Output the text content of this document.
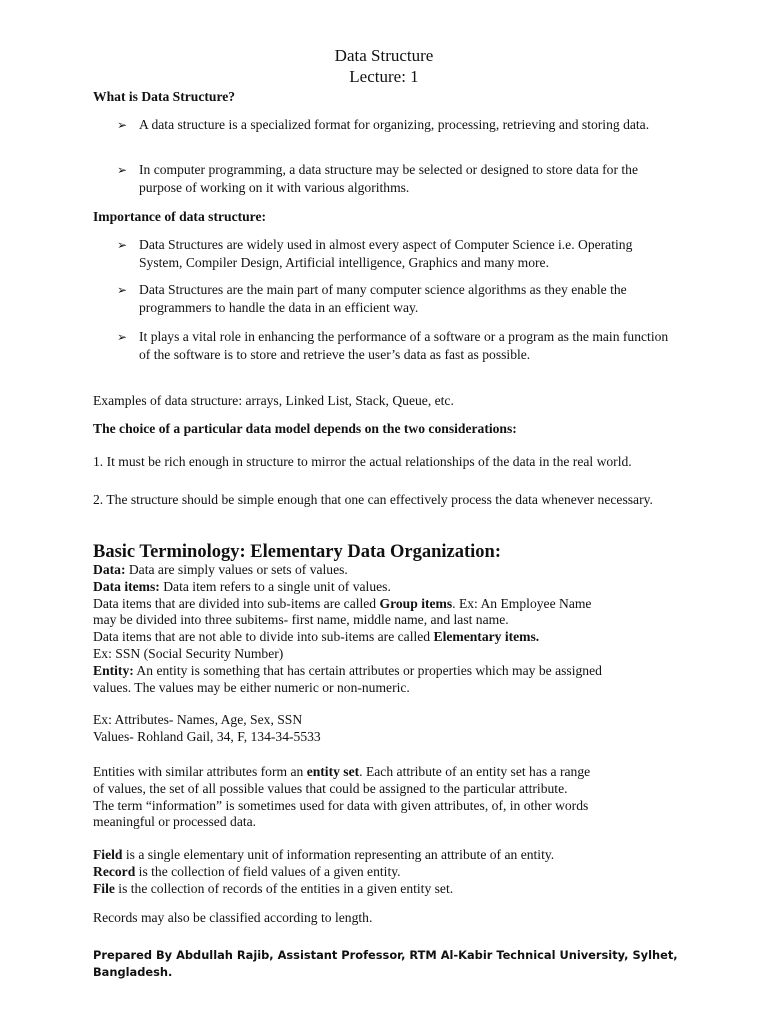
Data Structure
Lecture: 1
What is Data Structure?
➢ A data structure is a specialized format for organizing, processing, retrieving and storing data.
➢ In computer programming, a data structure may be selected or designed to store data for the purpose of working on it with various algorithms.
Importance of data structure:
➢ Data Structures are widely used in almost every aspect of Computer Science i.e. Operating System, Compiler Design, Artificial intelligence, Graphics and many more.
➢ Data Structures are the main part of many computer science algorithms as they enable the programmers to handle the data in an efficient way.
➢ It plays a vital role in enhancing the performance of a software or a program as the main function of the software is to store and retrieve the user’s data as fast as possible.
Examples of data structure: arrays, Linked List, Stack, Queue, etc.
The choice of a particular data model depends on the two considerations:
1. It must be rich enough in structure to mirror the actual relationships of the data in the real world.
2. The structure should be simple enough that one can effectively process the data whenever necessary.
Basic Terminology: Elementary Data Organization:
Data: Data are simply values or sets of values.
Data items: Data item refers to a single unit of values.
Data items that are divided into sub-items are called Group items. Ex: An Employee Name
may be divided into three subitems- first name, middle name, and last name.
Data items that are not able to divide into sub-items are called Elementary items.
Ex: SSN (Social Security Number)
Entity: An entity is something that has certain attributes or properties which may be assigned
values. The values may be either numeric or non-numeric.
Ex: Attributes- Names, Age, Sex, SSN
Values- Rohland Gail, 34, F, 134-34-5533
Entities with similar attributes form an entity set. Each attribute of an entity set has a range
of values, the set of all possible values that could be assigned to the particular attribute.
The term “information” is sometimes used for data with given attributes, of, in other words
meaningful or processed data.
Field is a single elementary unit of information representing an attribute of an entity.
Record is the collection of field values of a given entity.
File is the collection of records of the entities in a given entity set.
Records may also be classified according to length.
Prepared By Abdullah Rajib, Assistant Professor, RTM Al-Kabir Technical University, Sylhet,
Bangladesh.
